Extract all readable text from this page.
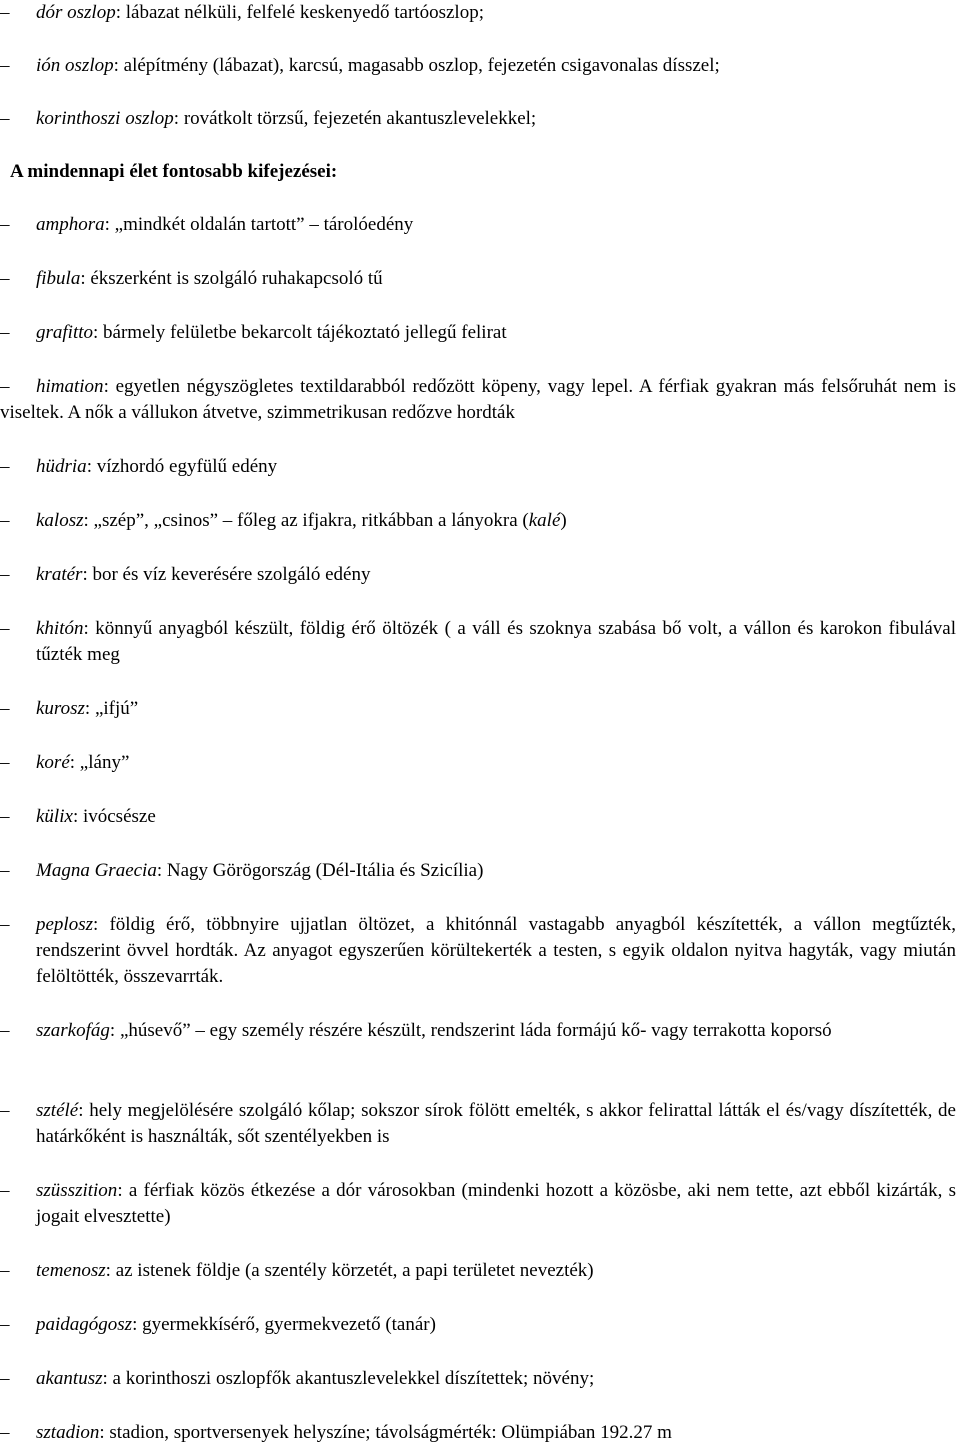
– dór oszlop: lábazat nélküli, felfelé keskenyedő tartóoszlop;

– ión oszlop: alépítmény (lábazat), karcsú, magasabb oszlop, fejezetén csigavonalas dísszel;

– korinthoszi oszlop: rovátkolt törzsű, fejezetén akantuszlevelekkel;

A mindennapi élet fontosabb kifejezései:

– amphora: „mindkét oldalán tartott” – tárolóedény

– fibula: ékszerként is szolgáló ruhakapcsoló tű

– grafitto: bármely felületbe bekarcolt tájékoztató jellegű felirat

– himation: egyetlen négyszögletes textildarabból redőzött köpeny, vagy lepel. A férfiak gyakran más felsőruhát nem is viseltek. A nők a vállukon átvetve, szimmetrikusan redőzve hordták

– hüdria: vízhordó egyfülű edény

– kalosz: „szép”, „csinos” – főleg az ifjakra, ritkábban a lányokra (kalé)

– kratér: bor és víz keverésére szolgáló edény

– khitón: könnyű anyagból készült, földig érő öltözék ( a váll és szoknya szabása bő volt, a vállon és karokon fibulával tűzték meg

– kurosz: „ifjú”

– koré: „lány”

– külix: ivócsésze

– Magna Graecia: Nagy Görögország (Dél-Itália és Szicília)

– peplosz: földig érő, többnyire ujjatlan öltözet, a khitónnál vastagabb anyagból készítették, a vállon megtűzték, rendszerint övvel hordták. Az anyagot egyszerűen körültekerték a testen, s egyik oldalon nyitva hagyták, vagy miután felöltötték, összevarrták.

– szarkofág: „húsevő” – egy személy részére készült, rendszerint láda formájú kő- vagy terrakotta koporsó

– sztélé: hely megjelölésére szolgáló kőlap; sokszor sírok fölött emelték, s akkor felirattal látták el és/vagy díszítették, de határkőként is használták, sőt szentélyekben is

– szüsszition: a férfiak közös étkezése a dór városokban (mindenki hozott a közösbe, aki nem tette, azt ebből kizárták, s jogait elvesztette)

– temenosz: az istenek földje (a szentély körzetét, a papi területet nevezték)

– paidagógosz: gyermekkísérő, gyermekvezető (tanár)

– akantusz: a korinthoszi oszlopfők akantuszlevelekkel díszítettek; növény;

– sztadion: stadion, sportversenyek helyszíne; távolságmérték: Olümpiában 192.27 m
